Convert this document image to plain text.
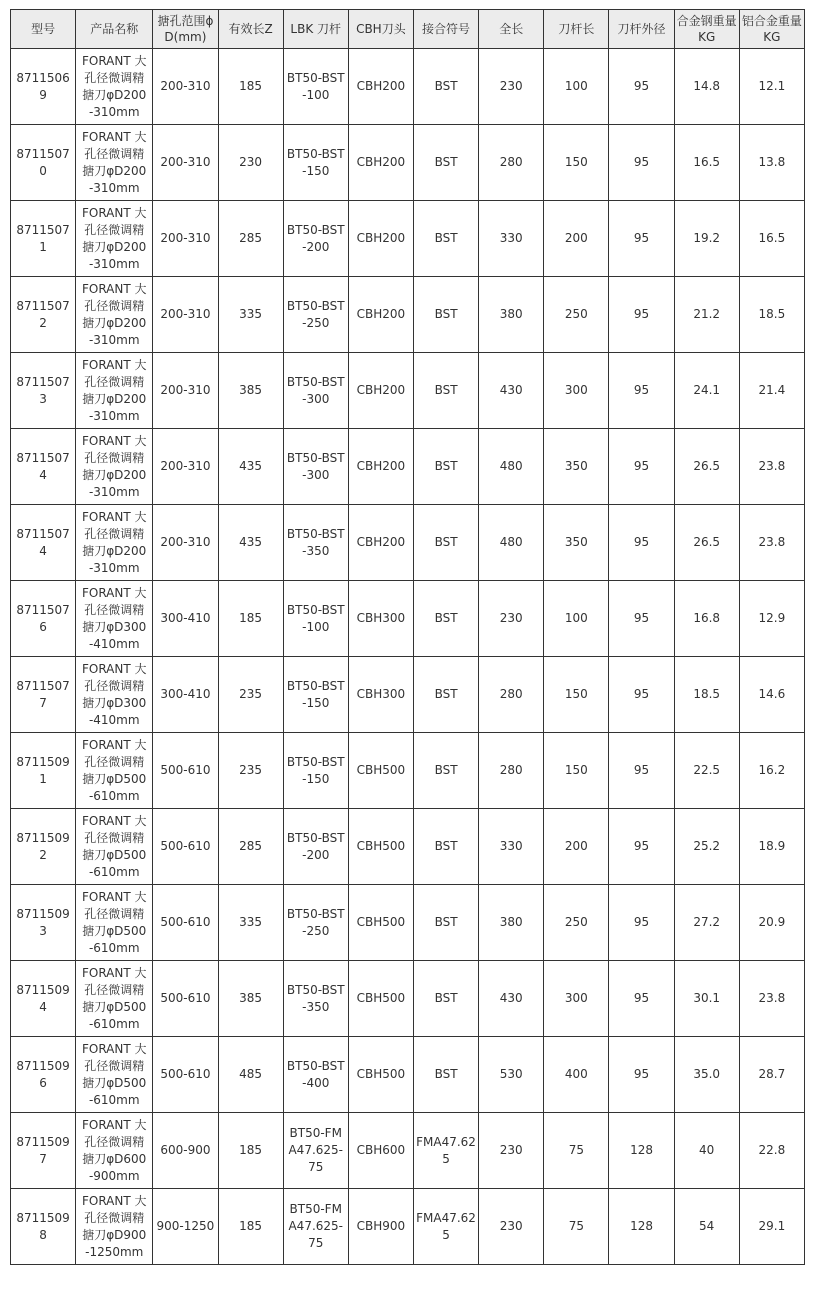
型号	产品名称	搪孔范围ϕD(mm)	有效长Z	LBK 刀杆	CBH刀头	接合符号	全长	刀杆长	刀杆外径	合金钢重量KG	铝合金重量KG
87115069	FORANT 大孔径微调精搪刀φD200-310mm	200-310	185	BT50-BST-100	CBH200	BST	230	100	95	14.8	12.1
87115070	FORANT 大孔径微调精搪刀φD200-310mm	200-310	230	BT50-BST-150	CBH200	BST	280	150	95	16.5	13.8
87115071	FORANT 大孔径微调精搪刀φD200-310mm	200-310	285	BT50-BST-200	CBH200	BST	330	200	95	19.2	16.5
87115072	FORANT 大孔径微调精搪刀φD200-310mm	200-310	335	BT50-BST-250	CBH200	BST	380	250	95	21.2	18.5
87115073	FORANT 大孔径微调精搪刀φD200-310mm	200-310	385	BT50-BST-300	CBH200	BST	430	300	95	24.1	21.4
87115074	FORANT 大孔径微调精搪刀φD200-310mm	200-310	435	BT50-BST-300	CBH200	BST	480	350	95	26.5	23.8
87115074	FORANT 大孔径微调精搪刀φD200-310mm	200-310	435	BT50-BST-350	CBH200	BST	480	350	95	26.5	23.8
87115076	FORANT 大孔径微调精搪刀φD300-410mm	300-410	185	BT50-BST-100	CBH300	BST	230	100	95	16.8	12.9
87115077	FORANT 大孔径微调精搪刀φD300-410mm	300-410	235	BT50-BST-150	CBH300	BST	280	150	95	18.5	14.6
87115091	FORANT 大孔径微调精搪刀φD500-610mm	500-610	235	BT50-BST-150	CBH500	BST	280	150	95	22.5	16.2
87115092	FORANT 大孔径微调精搪刀φD500-610mm	500-610	285	BT50-BST-200	CBH500	BST	330	200	95	25.2	18.9
87115093	FORANT 大孔径微调精搪刀φD500-610mm	500-610	335	BT50-BST-250	CBH500	BST	380	250	95	27.2	20.9
87115094	FORANT 大孔径微调精搪刀φD500-610mm	500-610	385	BT50-BST-350	CBH500	BST	430	300	95	30.1	23.8
87115096	FORANT 大孔径微调精搪刀φD500-610mm	500-610	485	BT50-BST-400	CBH500	BST	530	400	95	35.0	28.7
87115097	FORANT 大孔径微调精搪刀φD600-900mm	600-900	185	BT50-FMA47.625-75	CBH600	FMA47.625	230	75	128	40	22.8
87115098	FORANT 大孔径微调精搪刀φD900-1250mm	900-1250	185	BT50-FMA47.625-75	CBH900	FMA47.625	230	75	128	54	29.1
